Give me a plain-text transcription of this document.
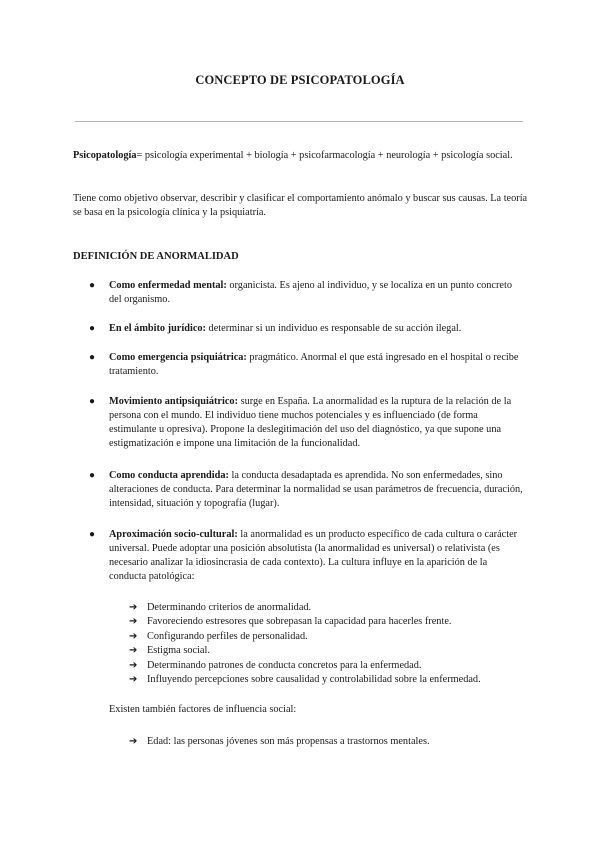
CONCEPTO DE PSICOPATOLOGÍA

Psicopatología= psicología experimental + biología + psicofarmacología + neurología + psicología social.

Tiene como objetivo observar, describir y clasificar el comportamiento anómalo y buscar sus causas. La teoría se basa en la psicología clínica y la psiquiatría.

DEFINICIÓN DE ANORMALIDAD
● Como enfermedad mental: organicista. Es ajeno al individuo, y se localiza en un punto concreto del organismo.

● En el ámbito jurídico: determinar si un individuo es responsable de su acción ilegal.

● Como emergencia psiquiátrica: pragmático. Anormal el que está ingresado en el hospital o recibe tratamiento.

● Movimiento antipsiquiátrico: surge en España. La anormalidad es la ruptura de la relación de la persona con el mundo. El individuo tiene muchos potenciales y es influenciado (de forma estimulante u opresiva). Propone la deslegitimación del uso del diagnóstico, ya que supone una estigmatización e impone una limitación de la funcionalidad.

● Como conducta aprendida: la conducta desadaptada es aprendida. No son enfermedades, sino alteraciones de conducta. Para determinar la normalidad se usan parámetros de frecuencia, duración, intensidad, situación y topografía (lugar).

● Aproximación socio-cultural: la anormalidad es un producto específico de cada cultura o carácter universal. Puede adoptar una posición absolutista (la anormalidad es universal) o relativista (es necesario analizar la idiosincrasia de cada contexto). La cultura influye en la aparición de la conducta patológica:

➔ Determinando criterios de anormalidad.
➔ Favoreciendo estresores que sobrepasan la capacidad para hacerles frente.
➔ Configurando perfiles de personalidad.
➔ Estigma social.
➔ Determinando patrones de conducta concretos para la enfermedad.
➔ Influyendo percepciones sobre causalidad y controlabilidad sobre la enfermedad.
Existen también factores de influencia social:
➔ Edad: las personas jóvenes son más propensas a trastornos mentales.
